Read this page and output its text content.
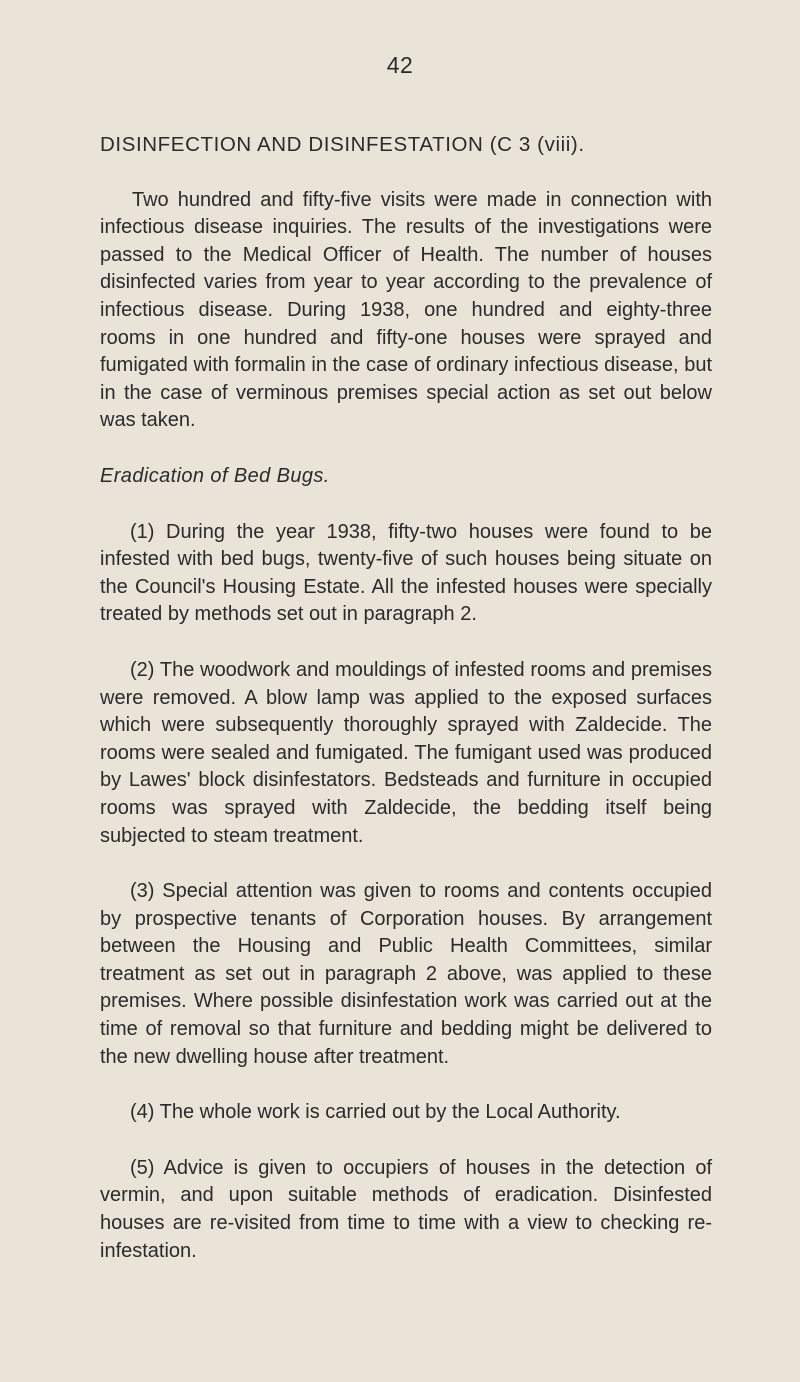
42
DISINFECTION AND DISINFESTATION (C 3 (viii).

Two hundred and fifty-five visits were made in connection with infectious disease inquiries. The results of the investigations were passed to the Medical Officer of Health. The number of houses disinfected varies from year to year according to the prevalence of infectious disease. During 1938, one hundred and eighty-three rooms in one hundred and fifty-one houses were sprayed and fumigated with formalin in the case of ordinary infectious disease, but in the case of verminous premises special action as set out below was taken.

Eradication of Bed Bugs.

(1) During the year 1938, fifty-two houses were found to be infested with bed bugs, twenty-five of such houses being situate on the Council's Housing Estate. All the infested houses were specially treated by methods set out in paragraph 2.

(2) The woodwork and mouldings of infested rooms and premises were removed. A blow lamp was applied to the exposed surfaces which were subsequently thoroughly sprayed with Zaldecide. The rooms were sealed and fumigated. The fumigant used was produced by Lawes' block disinfestators. Bedsteads and furniture in occupied rooms was sprayed with Zaldecide, the bedding itself being subjected to steam treatment.

(3) Special attention was given to rooms and contents occupied by prospective tenants of Corporation houses. By arrangement between the Housing and Public Health Committees, similar treatment as set out in paragraph 2 above, was applied to these premises. Where possible disinfestation work was carried out at the time of removal so that furniture and bedding might be delivered to the new dwelling house after treatment.

(4) The whole work is carried out by the Local Authority.

(5) Advice is given to occupiers of houses in the detection of vermin, and upon suitable methods of eradication. Disinfested houses are re-visited from time to time with a view to checking re-infestation.
